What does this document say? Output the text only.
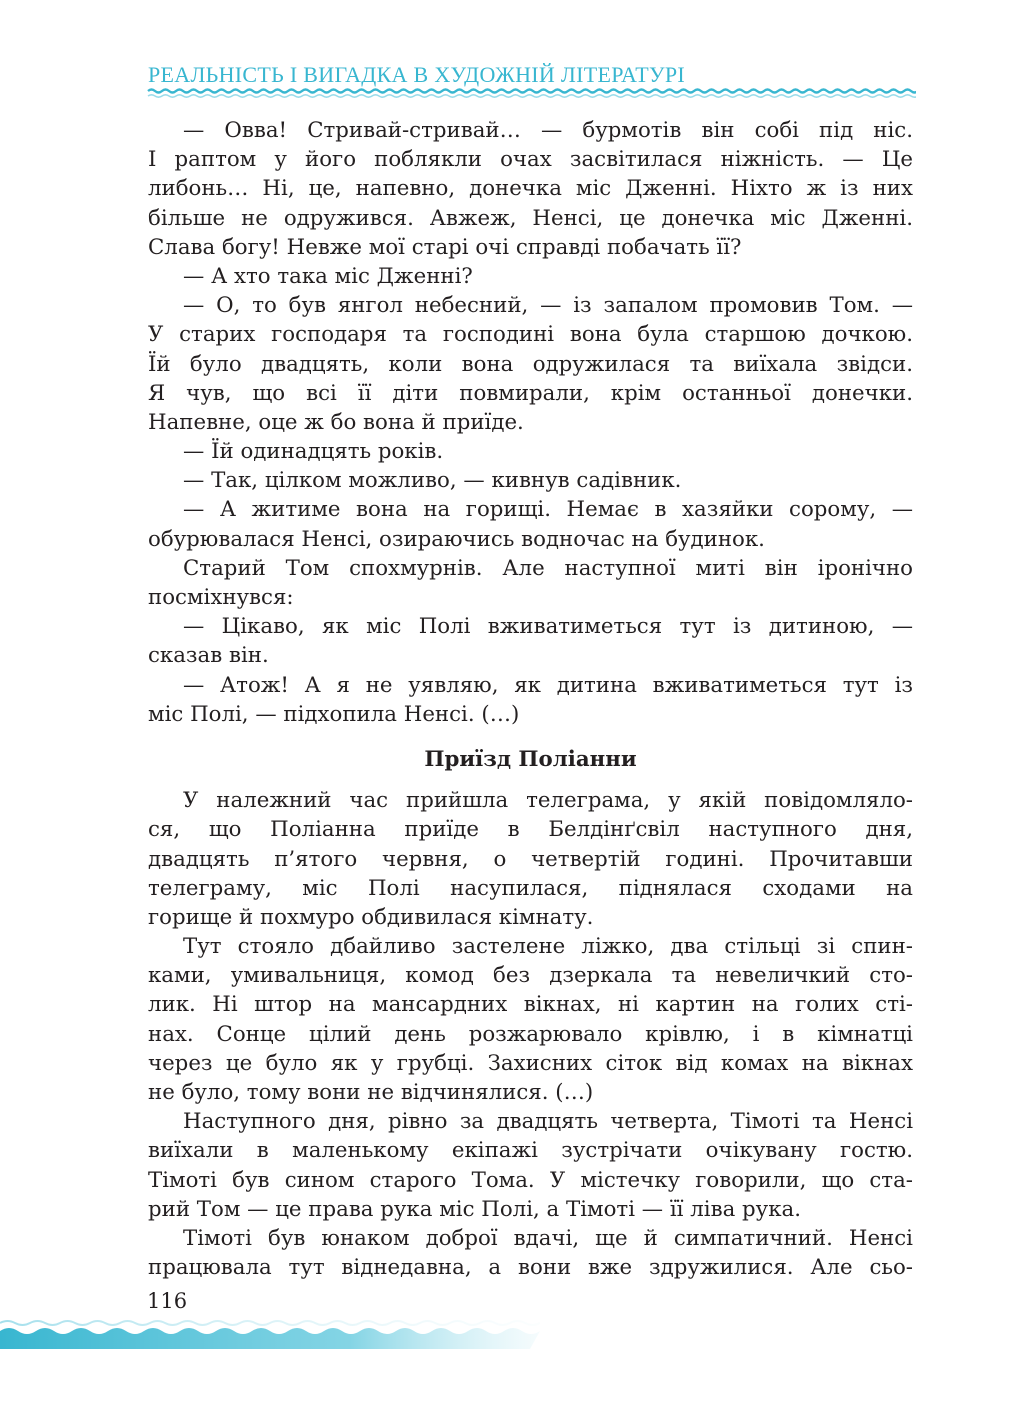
РЕАЛЬНІСТЬ І ВИГАДКА В ХУДОЖНІЙ ЛІТЕРАТУРІ
— Овва! Стривай-стривай… — бурмотів він собі під ніс.
І раптом у його поблякли очах засвітилася ніжність. — Це
либонь… Ні, це, напевно, донечка міс Дженні. Ніхто ж із них
більше не одружився. Авжеж, Ненсі, це донечка міс Дженні.
Слава богу! Невже мої старі очі справді побачать її?
— А хто така міс Дженні?
— О, то був янгол небесний, — із запалом промовив Том. —
У старих господаря та господині вона була старшою дочкою.
Їй було двадцять, коли вона одружилася та виїхала звідси.
Я чув, що всі її діти повмирали, крім останньої донечки.
Напевне, оце ж бо вона й приїде.
— Їй одинадцять років.
— Так, цілком можливо, — кивнув садівник.
— А житиме вона на горищі. Немає в хазяйки сорому, —
обурювалася Ненсі, озираючись водночас на будинок.
Старий Том спохмурнів. Але наступної миті він іронічно
посміхнувся:
— Цікаво, як міс Полі вживатиметься тут із дитиною, —
сказав він.
— Атож! А я не уявляю, як дитина вживатиметься тут із
міс Полі, — підхопила Ненсі. (…)
Приїзд Поліанни
У належний час прийшла телеграма, у якій повідомляло-
ся, що Поліанна приїде в Белдінґсвіл наступного дня,
двадцять п’ятого червня, о четвертій годині. Прочитавши
телеграму, міс Полі насупилася, піднялася сходами на
горище й похмуро обдивилася кімнату.
Тут стояло дбайливо застелене ліжко, два стільці зі спин-
ками, умивальниця, комод без дзеркала та невеличкий сто-
лик. Ні штор на мансардних вікнах, ні картин на голих сті-
нах. Сонце цілий день розжарювало крівлю, і в кімнатці
через це було як у грубці. Захисних сіток від комах на вікнах
не було, тому вони не відчинялися. (…)
Наступного дня, рівно за двадцять четверта, Тімоті та Ненсі
виїхали в маленькому екіпажі зустрічати очікувану гостю.
Тімоті був сином старого Тома. У містечку говорили, що ста-
рий Том — це права рука міс Полі, а Тімоті — її ліва рука.
Тімоті був юнаком доброї вдачі, ще й симпатичний. Ненсі
працювала тут віднедавна, а вони вже здружилися. Але сьо-
116
